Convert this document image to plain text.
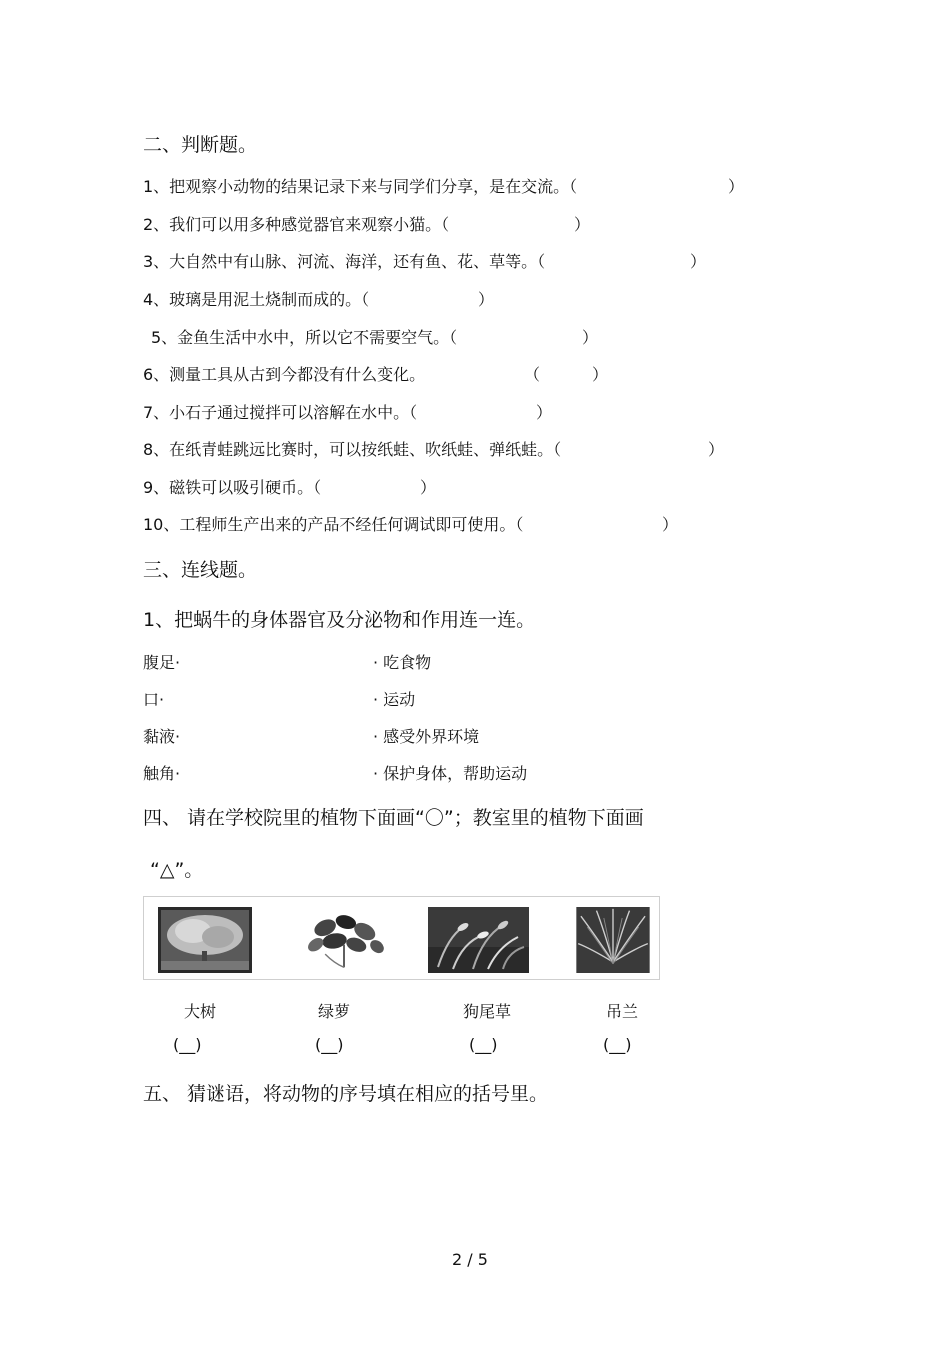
二、判断题。
1、把观察小动物的结果记录下来与同学们分享，是在交流。（	）
2、我们可以用多种感觉器官来观察小猫。（	）
3、大自然中有山脉、河流、海洋，还有鱼、花、草等。（	）
4、玻璃是用泥土烧制而成的。（	）
5、金鱼生活中水中，所以它不需要空气。（	）
6、测量工具从古到今都没有什么变化。	（	）
7、小石子通过搅拌可以溶解在水中。（	）
8、在纸青蛙跳远比赛时，可以按纸蛙、吹纸蛙、弹纸蛙。（	）
9、磁铁可以吸引硬币。（	）
10、工程师生产出来的产品不经任何调试即可使用。（	）
三、连线题。
1、把蜗牛的身体器官及分泌物和作用连一连。
腹足·	· 吃食物
口·	· 运动
黏液·	· 感受外界环境
触角·	· 保护身体，帮助运动
四、 请在学校院里的植物下面画“〇”；教室里的植物下面画
“△”。
大树	绿萝	狗尾草	吊兰
(__)	(__)	(__)	(__)
五、 猜谜语，将动物的序号填在相应的括号里。
2 / 5
